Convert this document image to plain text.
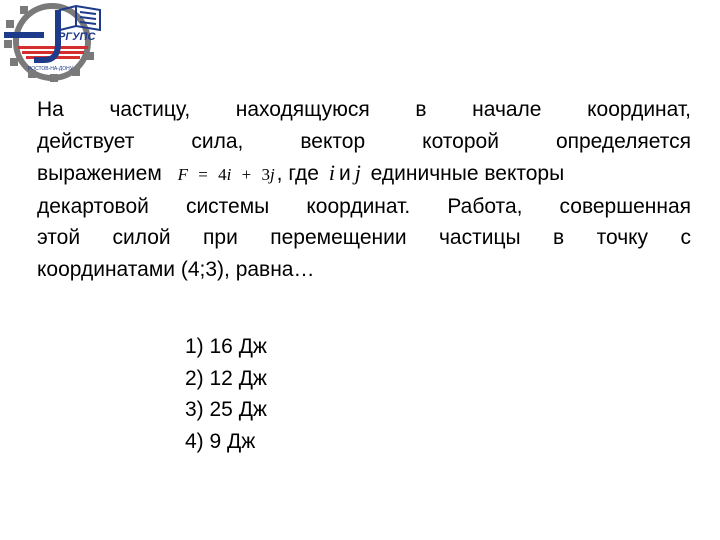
РГУПС
РОСТОВ-НА-ДОНУ
На частицу, находящуюся в начале координат,
действует сила, вектор которой определяется
выражением F = 4i + 3j, где i и j единичные векторы
декартовой системы координат. Работа, совершенная
этой силой при перемещении частицы в точку с
координатами (4;3), равна…
1) 16 Дж
2) 12 Дж
3) 25 Дж
4) 9 Дж
